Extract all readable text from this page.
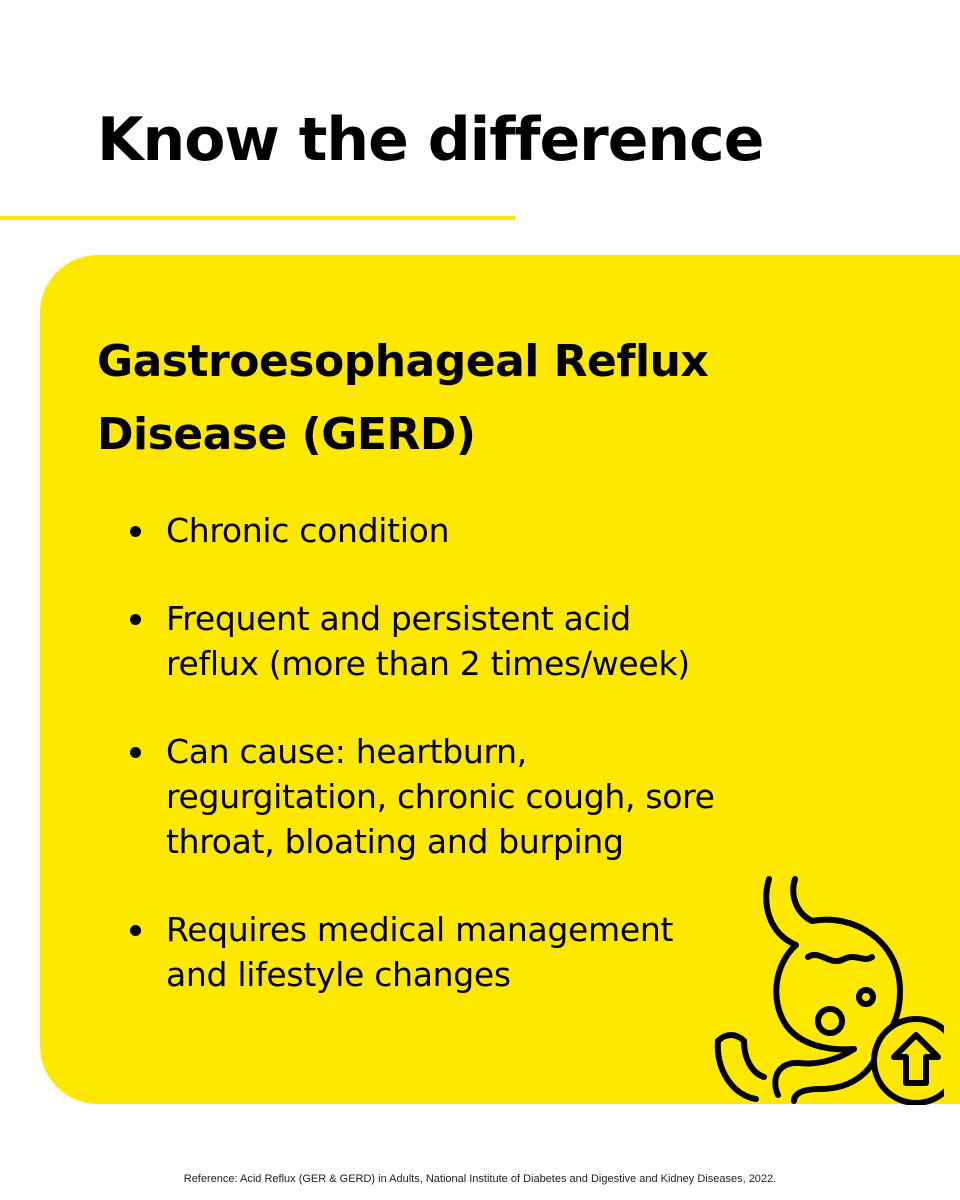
Know the difference
Gastroesophageal Reflux Disease (GERD)
Chronic condition
Frequent and persistent acid reflux (more than 2 times/week)
Can cause: heartburn, regurgitation, chronic cough, sore throat, bloating and burping
Requires medical management and lifestyle changes
Reference: Acid Reflux (GER & GERD) in Adults, National Institute of Diabetes and Digestive and Kidney Diseases, 2022.
